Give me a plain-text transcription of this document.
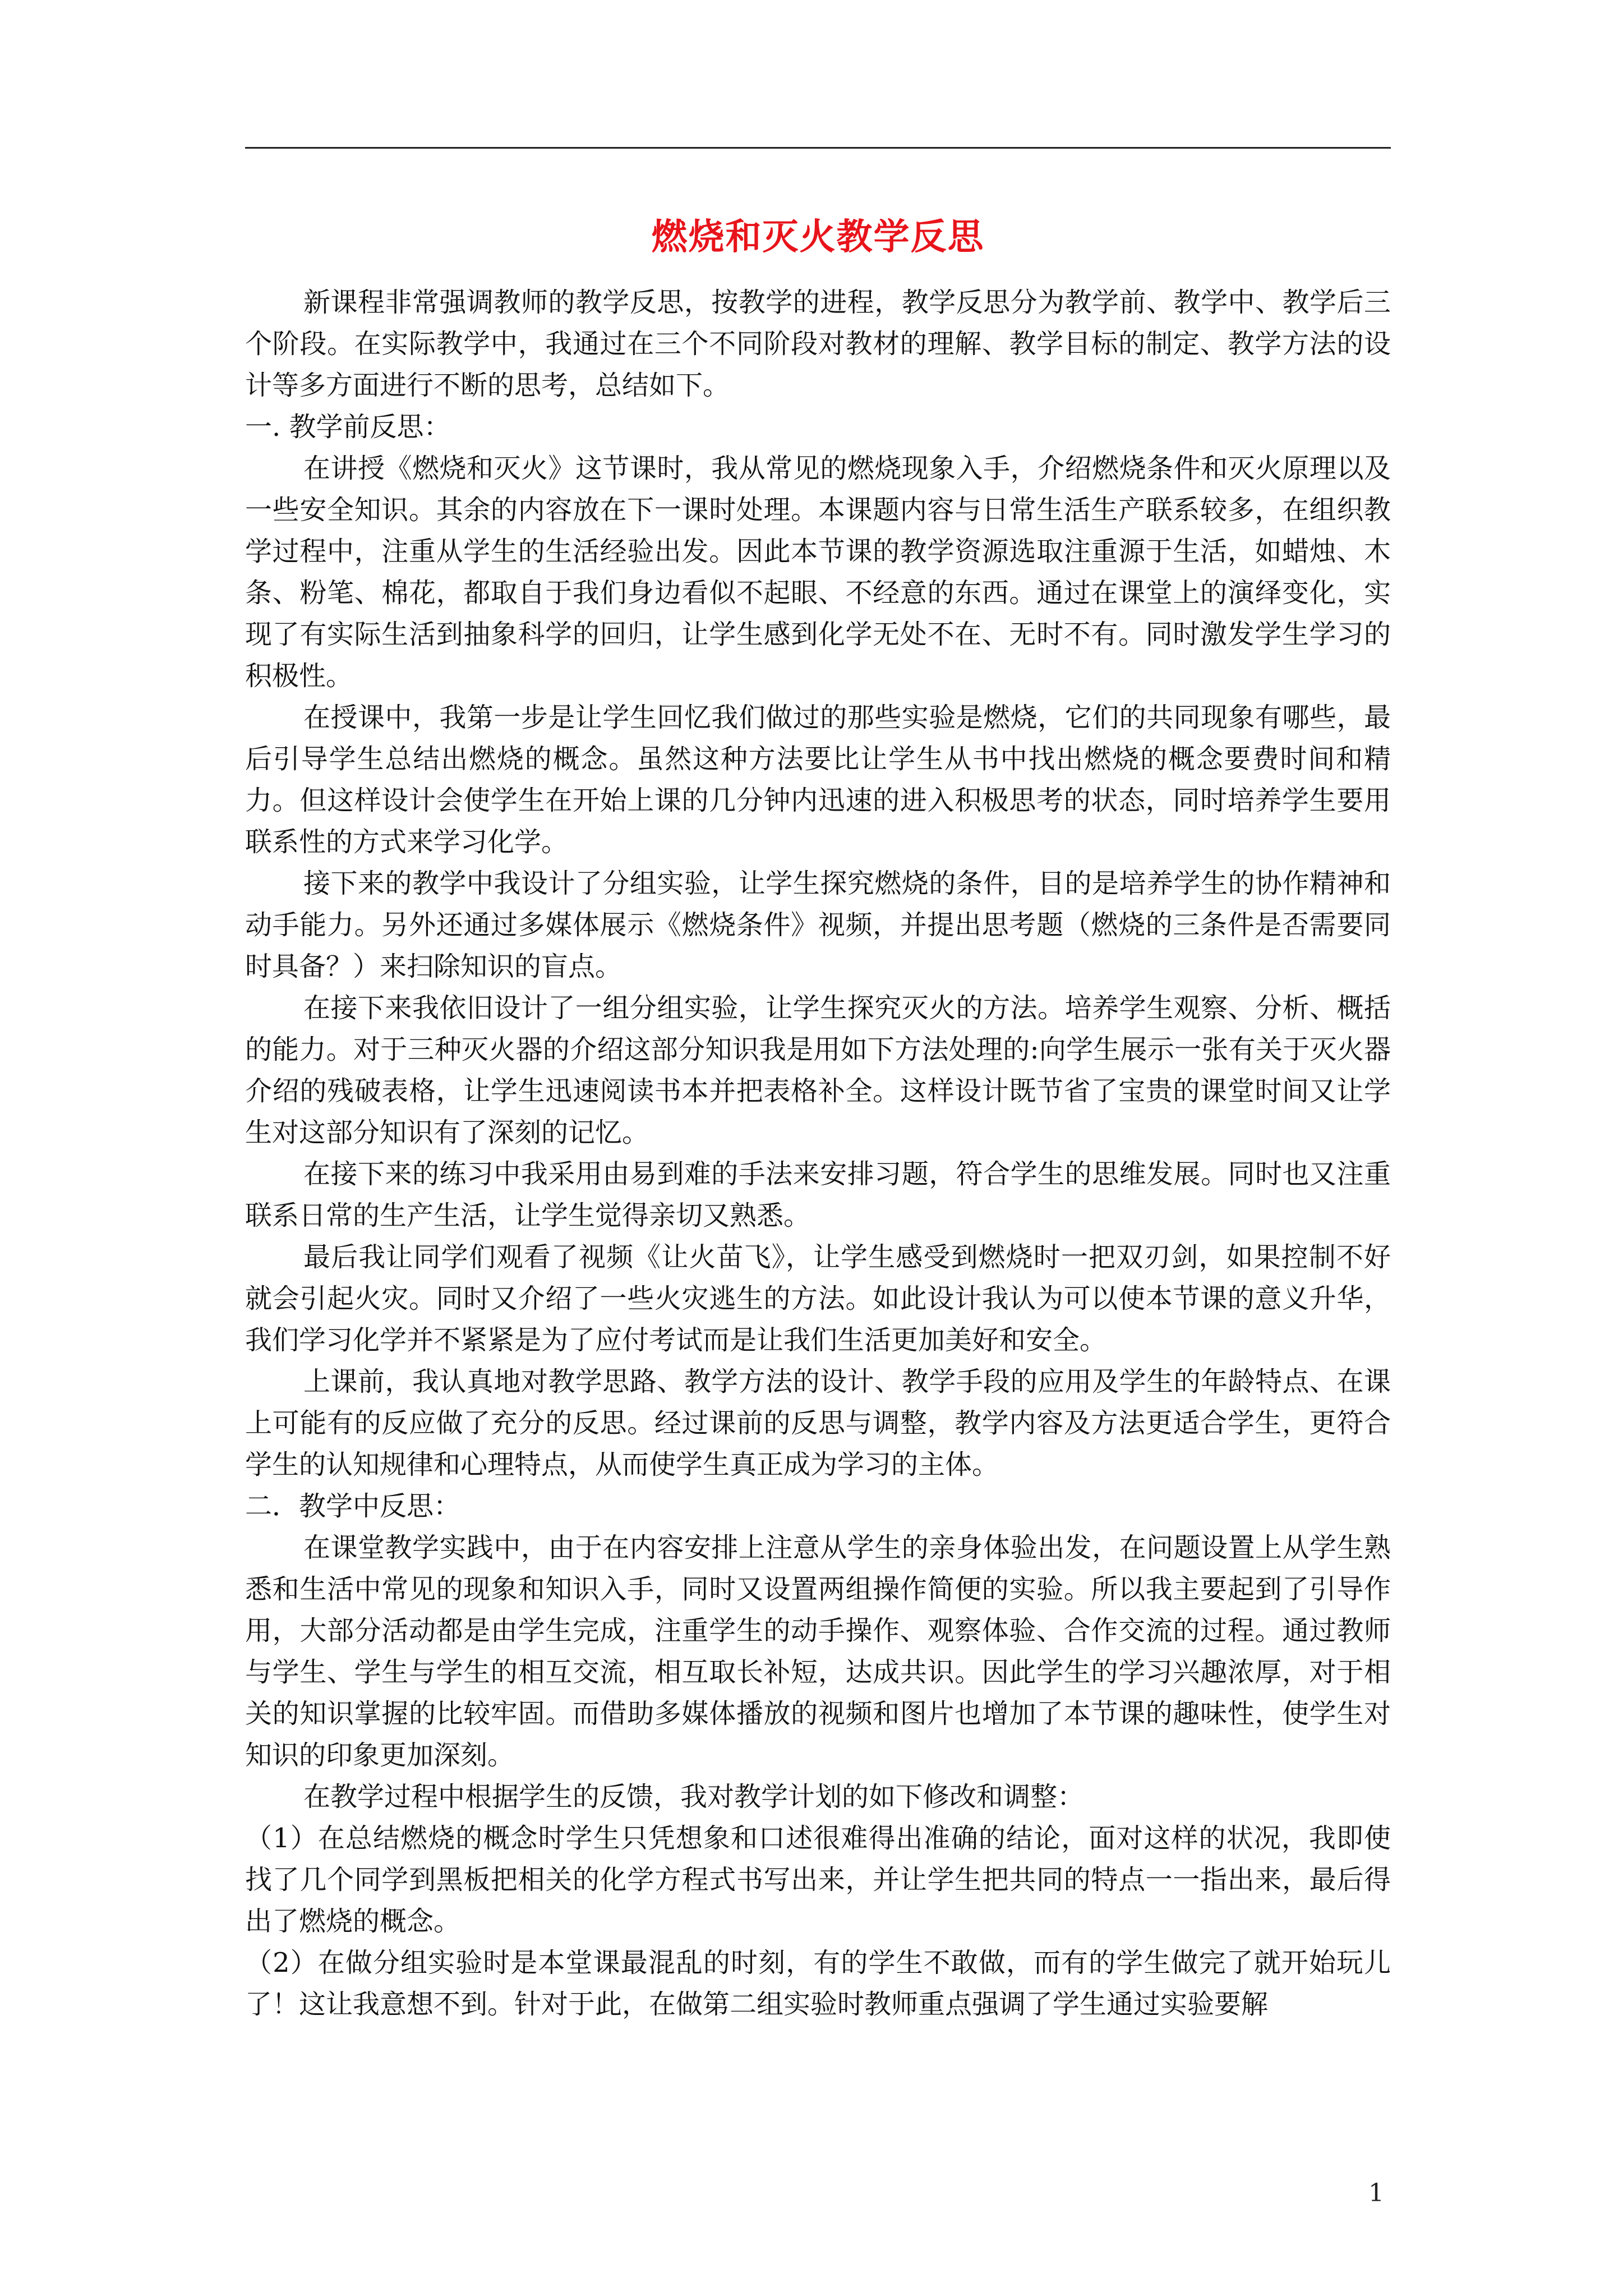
燃烧和灭火教学反思

新课程非常强调教师的教学反思，按教学的进程，教学反思分为教学前、教学中、教学后三个阶段。在实际教学中，我通过在三个不同阶段对教材的理解、教学目标的制定、教学方法的设计等多方面进行不断的思考，总结如下。

一. 教学前反思：

在讲授《燃烧和灭火》这节课时，我从常见的燃烧现象入手，介绍燃烧条件和灭火原理以及一些安全知识。其余的内容放在下一课时处理。本课题内容与日常生活生产联系较多，在组织教学过程中，注重从学生的生活经验出发。因此本节课的教学资源选取注重源于生活，如蜡烛、木条、粉笔、棉花，都取自于我们身边看似不起眼、不经意的东西。通过在课堂上的演绎变化，实现了有实际生活到抽象科学的回归，让学生感到化学无处不在、无时不有。同时激发学生学习的积极性。

在授课中，我第一步是让学生回忆我们做过的那些实验是燃烧，它们的共同现象有哪些，最后引导学生总结出燃烧的概念。虽然这种方法要比让学生从书中找出燃烧的概念要费时间和精力。但这样设计会使学生在开始上课的几分钟内迅速的进入积极思考的状态，同时培养学生要用联系性的方式来学习化学。

接下来的教学中我设计了分组实验，让学生探究燃烧的条件，目的是培养学生的协作精神和动手能力。另外还通过多媒体展示《燃烧条件》视频，并提出思考题（燃烧的三条件是否需要同时具备？）来扫除知识的盲点。

在接下来我依旧设计了一组分组实验，让学生探究灭火的方法。培养学生观察、分析、概括的能力。对于三种灭火器的介绍这部分知识我是用如下方法处理的:向学生展示一张有关于灭火器介绍的残破表格，让学生迅速阅读书本并把表格补全。这样设计既节省了宝贵的课堂时间又让学生对这部分知识有了深刻的记忆。

在接下来的练习中我采用由易到难的手法来安排习题，符合学生的思维发展。同时也又注重联系日常的生产生活，让学生觉得亲切又熟悉。

最后我让同学们观看了视频《让火苗飞》，让学生感受到燃烧时一把双刃剑，如果控制不好就会引起火灾。同时又介绍了一些火灾逃生的方法。如此设计我认为可以使本节课的意义升华，我们学习化学并不紧紧是为了应付考试而是让我们生活更加美好和安全。

上课前，我认真地对教学思路、教学方法的设计、教学手段的应用及学生的年龄特点、在课上可能有的反应做了充分的反思。经过课前的反思与调整，教学内容及方法更适合学生，更符合学生的认知规律和心理特点，从而使学生真正成为学习的主体。

二．教学中反思：

在课堂教学实践中，由于在内容安排上注意从学生的亲身体验出发，在问题设置上从学生熟悉和生活中常见的现象和知识入手，同时又设置两组操作简便的实验。所以我主要起到了引导作用，大部分活动都是由学生完成，注重学生的动手操作、观察体验、合作交流的过程。通过教师与学生、学生与学生的相互交流，相互取长补短，达成共识。因此学生的学习兴趣浓厚，对于相关的知识掌握的比较牢固。而借助多媒体播放的视频和图片也增加了本节课的趣味性，使学生对知识的印象更加深刻。

在教学过程中根据学生的反馈，我对教学计划的如下修改和调整：

（1）在总结燃烧的概念时学生只凭想象和口述很难得出准确的结论，面对这样的状况，我即使找了几个同学到黑板把相关的化学方程式书写出来，并让学生把共同的特点一一指出来，最后得出了燃烧的概念。

（2）在做分组实验时是本堂课最混乱的时刻，有的学生不敢做，而有的学生做完了就开始玩儿了！这让我意想不到。针对于此，在做第二组实验时教师重点强调了学生通过实验要解

1
